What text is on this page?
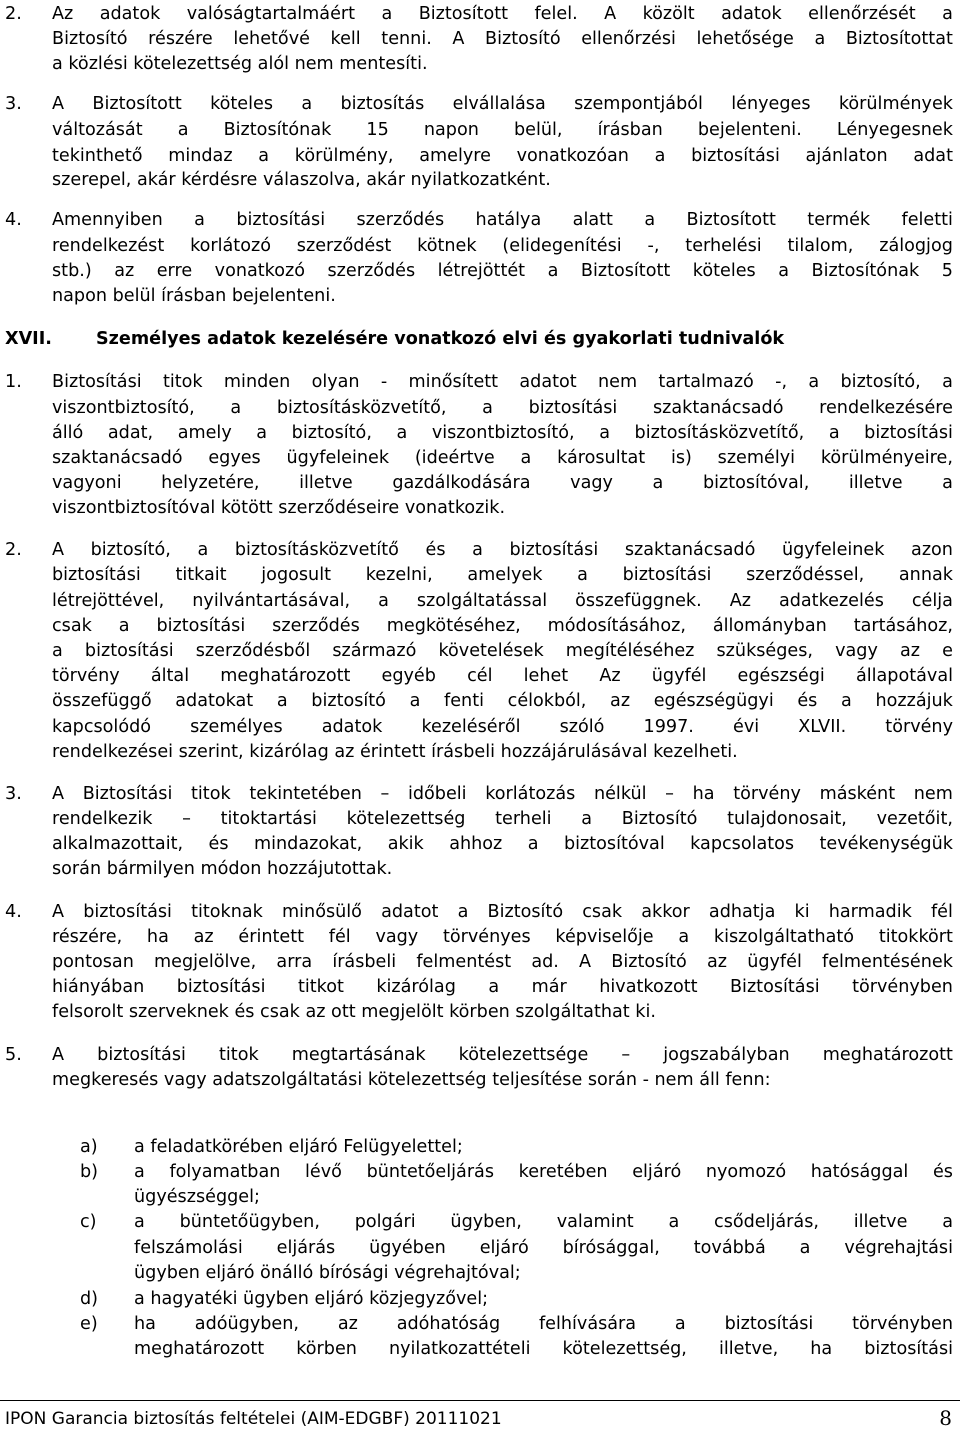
2. Az adatok valóságtartalmáért a Biztosított felel. A közölt adatok ellenőrzését a
Biztosító részére lehetővé kell tenni. A Biztosító ellenőrzési lehetősége a Biztosítottat
a közlési kötelezettség alól nem mentesíti.
3. A Biztosított köteles a biztosítás elvállalása szempontjából lényeges körülmények
változását a Biztosítónak 15 napon belül, írásban bejelenteni. Lényegesnek
tekinthető mindaz a körülmény, amelyre vonatkozóan a biztosítási ajánlaton adat
szerepel, akár kérdésre válaszolva, akár nyilatkozatként.
4. Amennyiben a biztosítási szerződés hatálya alatt a Biztosított termék feletti
rendelkezést korlátozó szerződést kötnek (elidegenítési -, terhelési tilalom, zálogjog
stb.) az erre vonatkozó szerződés létrejöttét a Biztosított köteles a Biztosítónak 5
napon belül írásban bejelenteni.
XVII.	Személyes adatok kezelésére vonatkozó elvi és gyakorlati tudnivalók
1. Biztosítási titok minden olyan - minősített adatot nem tartalmazó -, a biztosító, a
viszontbiztosító, a biztosításközvetítő, a biztosítási szaktanácsadó rendelkezésére
álló adat, amely a biztosító, a viszontbiztosító, a biztosításközvetítő, a biztosítási
szaktanácsadó egyes ügyfeleinek (ideértve a károsultat is) személyi körülményeire,
vagyoni helyzetére, illetve gazdálkodására vagy a biztosítóval, illetve a
viszontbiztosítóval kötött szerződéseire vonatkozik.
2. A biztosító, a biztosításközvetítő és a biztosítási szaktanácsadó ügyfeleinek azon
biztosítási titkait jogosult kezelni, amelyek a biztosítási szerződéssel, annak
létrejöttével, nyilvántartásával, a szolgáltatással összefüggnek. Az adatkezelés célja
csak a biztosítási szerződés megkötéséhez, módosításához, állományban tartásához,
a biztosítási szerződésből származó követelések megítéléséhez szükséges, vagy az e
törvény által meghatározott egyéb cél lehet Az ügyfél egészségi állapotával
összefüggő adatokat a biztosító a fenti célokból, az egészségügyi és a hozzájuk
kapcsolódó személyes adatok kezeléséről szóló 1997. évi XLVII. törvény
rendelkezései szerint, kizárólag az érintett írásbeli hozzájárulásával kezelheti.
3. A Biztosítási titok tekintetében – időbeli korlátozás nélkül – ha törvény másként nem
rendelkezik – titoktartási kötelezettség terheli a Biztosító tulajdonosait, vezetőit,
alkalmazottait, és mindazokat, akik ahhoz a biztosítóval kapcsolatos tevékenységük
során bármilyen módon hozzájutottak.
4. A biztosítási titoknak minősülő adatot a Biztosító csak akkor adhatja ki harmadik fél
részére, ha az érintett fél vagy törvényes képviselője a kiszolgáltatható titokkört
pontosan megjelölve, arra írásbeli felmentést ad. A Biztosító az ügyfél felmentésének
hiányában biztosítási titkot kizárólag a már hivatkozott Biztosítási törvényben
felsorolt szerveknek és csak az ott megjelölt körben szolgáltathat ki.
5. A biztosítási titok megtartásának kötelezettsége – jogszabályban meghatározott
megkeresés vagy adatszolgáltatási kötelezettség teljesítése során - nem áll fenn:
a) a feladatkörében eljáró Felügyelettel;
b) a folyamatban lévő büntetőeljárás keretében eljáró nyomozó hatósággal és
ügyészséggel;
c) a büntetőügyben, polgári ügyben, valamint a csődeljárás, illetve a
felszámolási eljárás ügyében eljáró bírósággal, továbbá a végrehajtási
ügyben eljáró önálló bírósági végrehajtóval;
d) a hagyatéki ügyben eljáró közjegyzővel;
e) ha adóügyben, az adóhatóság felhívására a biztosítási törvényben
meghatározott körben nyilatkozattételi kötelezettség, illetve, ha biztosítási
IPON Garancia biztosítás feltételei (AIM-EDGBF) 20111021	8
